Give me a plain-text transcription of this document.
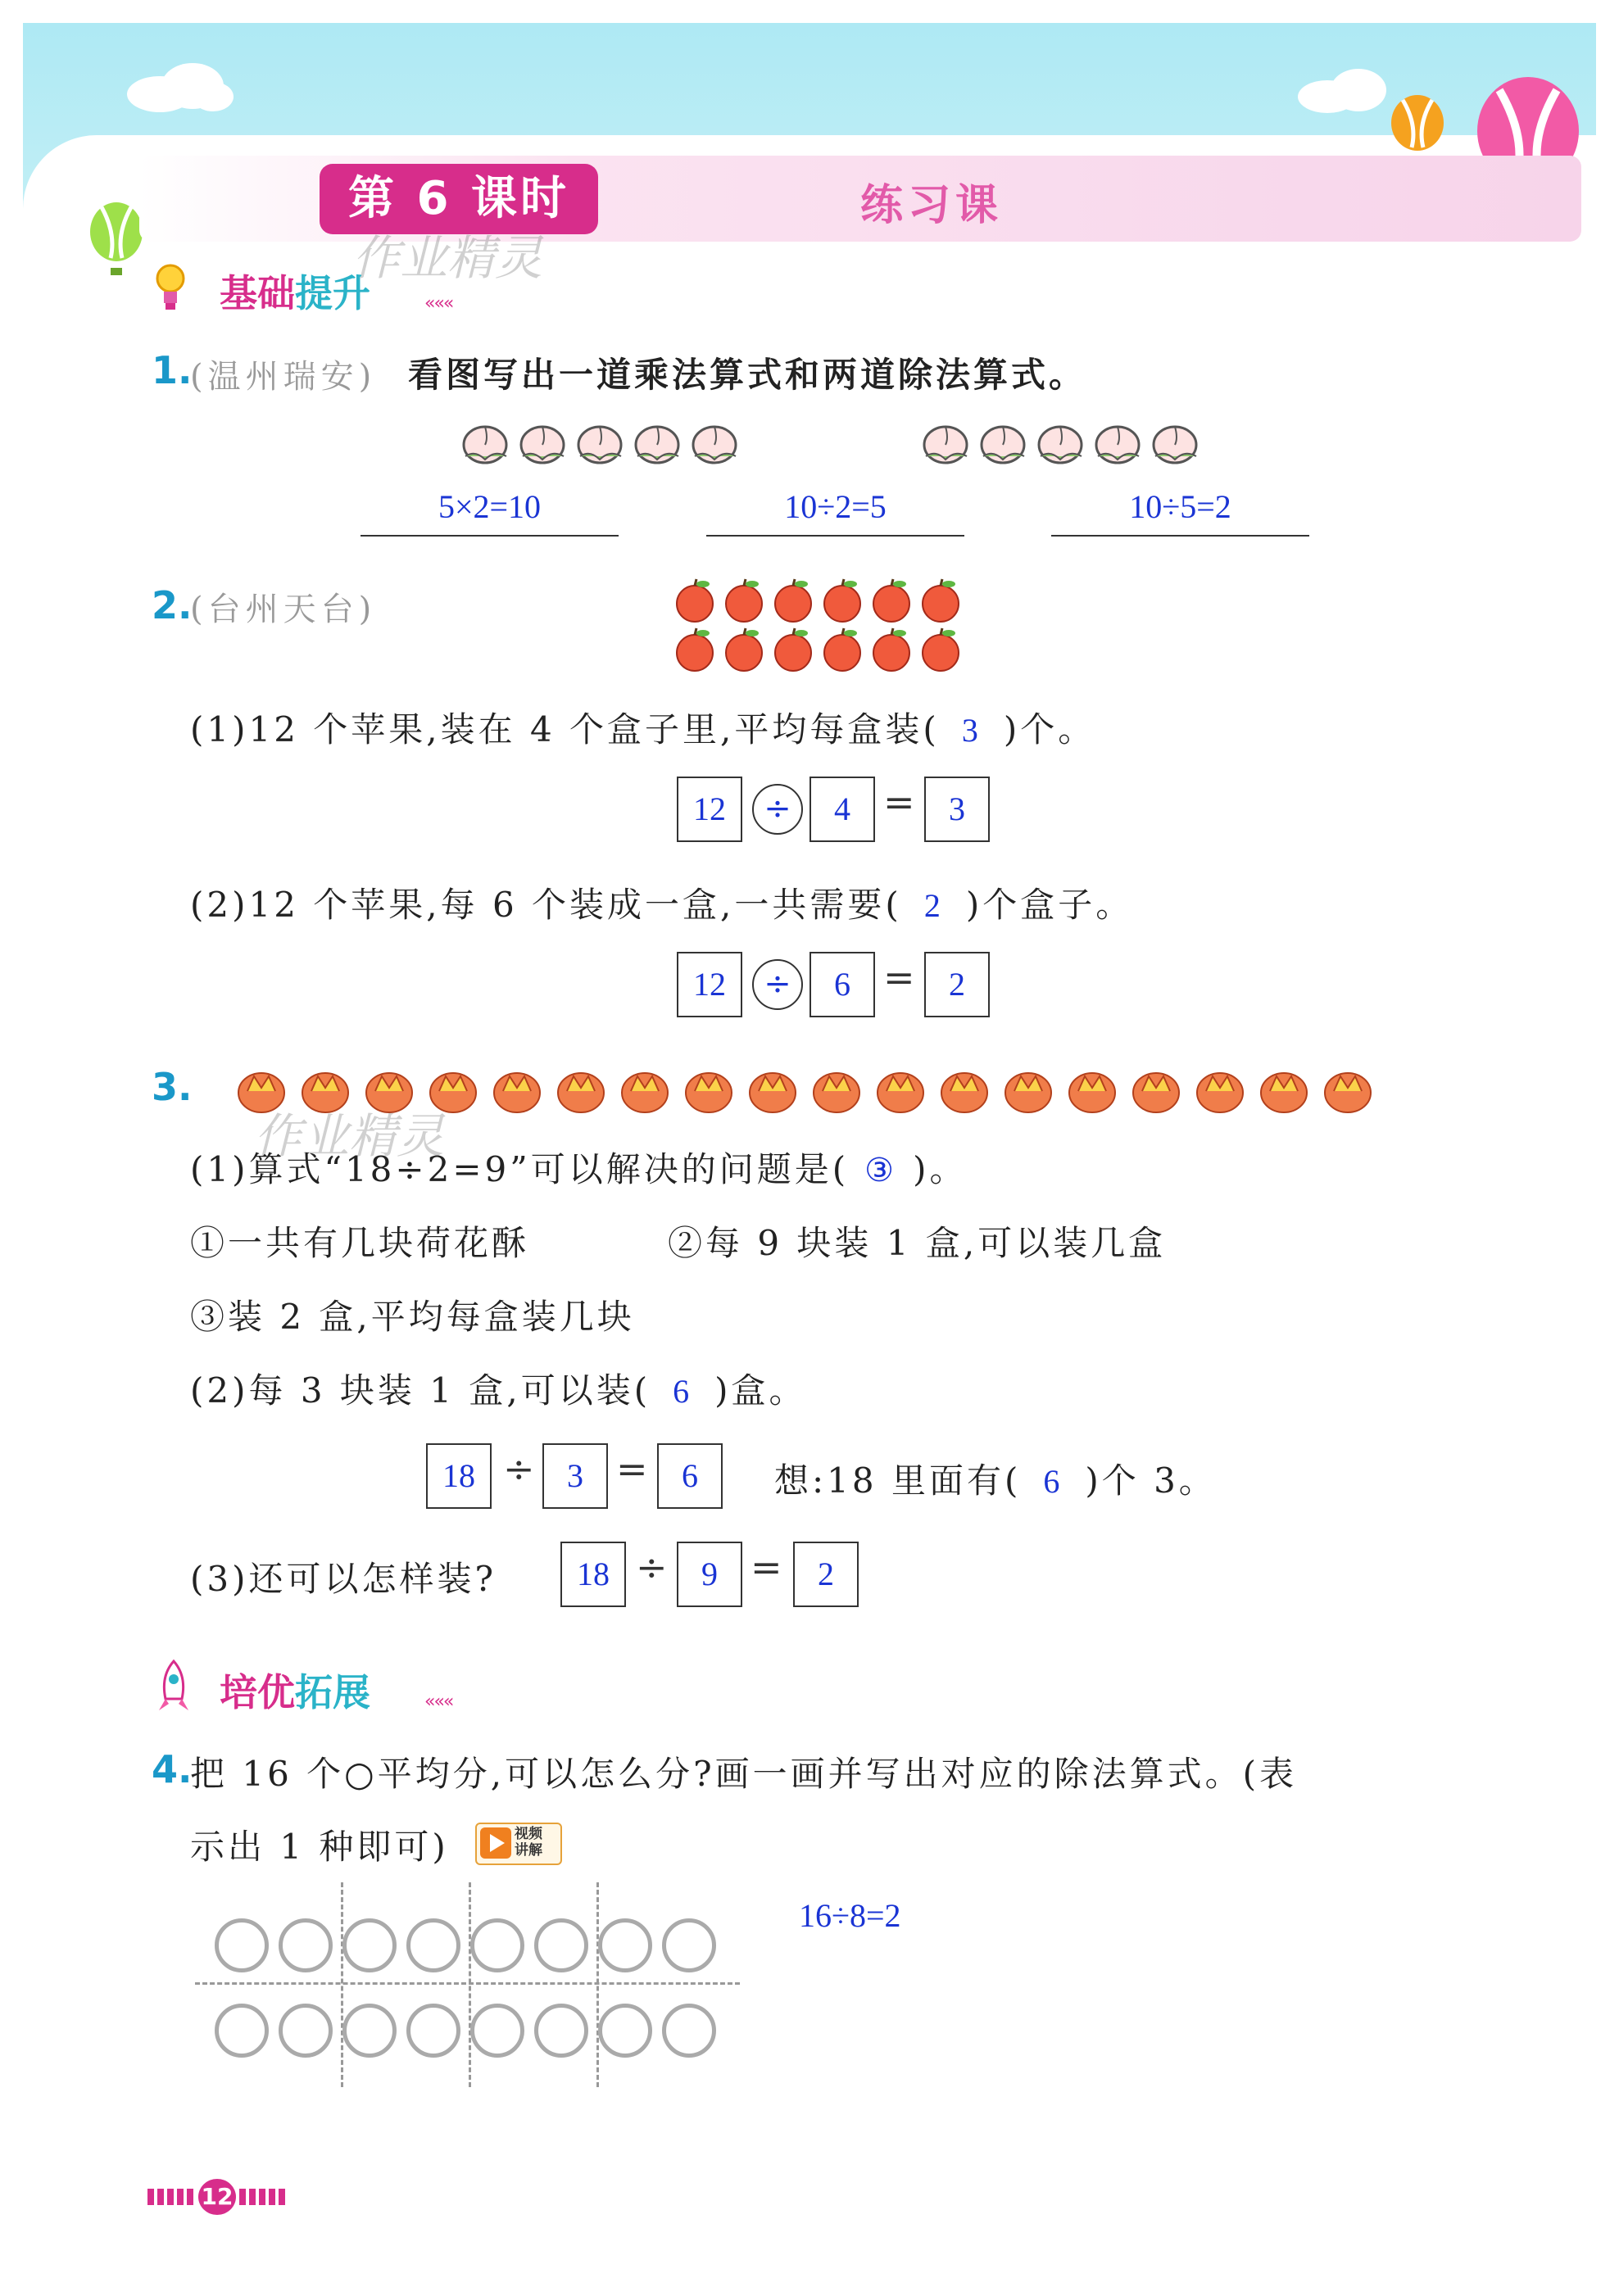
第 6 课时	练习课
作业精灵
基础提升	«««
1.
(温州瑞安) 看图写出一道乘法算式和两道除法算式。
5×2=10	10÷2=5	10÷5=2
2.
(台州天台)
(1)12 个苹果,装在 4 个盒子里,平均每盒装( 3 )个。
12	÷	4 =	3
(2)12 个苹果,每 6 个装成一盒,一共需要( 2 )个盒子。
12	÷	6 =	2
3.
作业精灵
(1)算式“18÷2=9”可以解决的问题是( ③ )。
①一共有几块荷花酥	②每 9 块装 1 盒,可以装几盒
③装 2 盒,平均每盒装几块
(2)每 3 块装 1 盒,可以装( 6 )盒。
18 ÷ 3 =	6	想:18 里面有( 6 )个 3。
(3)还可以怎样装?	18 ÷	9 =	2
培优拓展	«««
4.
把 16 个○平均分,可以怎么分?画一画并写出对应的除法算式。(表
示出 1 种即可)	视频
讲解
16÷8=2
12
